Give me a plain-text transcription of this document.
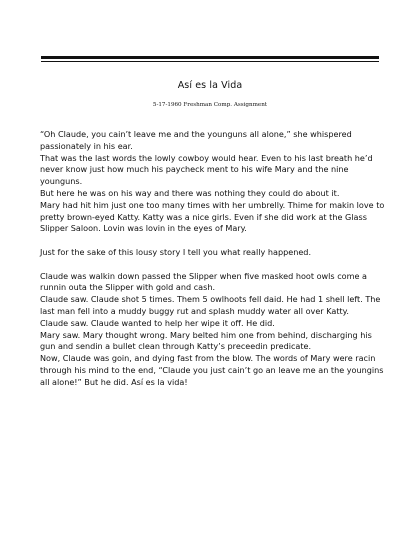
Así es la Vida
5-17-1960 Freshman Comp. Assignment

“Oh Claude, you cain’t leave me and the younguns all alone,” she whispered passionately in his ear.

That was the last words the lowly cowboy would hear. Even to his last breath he’d never know just how much his paycheck ment to his wife Mary and the nine younguns.

But here he was on his way and there was nothing they could do about it.

Mary had hit him just one too many times with her umbrelly. Thime for makin love to pretty brown-eyed Katty. Katty was a nice girls. Even if she did work at the Glass Slipper Saloon. Lovin was lovin in the eyes of Mary.

Just for the sake of this lousy story I tell you what really happened.

Claude was walkin down passed the Slipper when five masked hoot owls come a runnin outa the Slipper with gold and cash.

Claude saw. Claude shot 5 times. Them 5 owlhoots fell daid. He had 1 shell left. The last man fell into a muddy buggy rut and splash muddy water all over Katty.

Claude saw. Claude wanted to help her wipe it off. He did.

Mary saw. Mary thought wrong. Mary belted him one from behind, discharging his gun and sendin a bullet clean through Katty’s preceedin predicate.

Now, Claude was goin, and dying fast from the blow. The words of Mary were racin through his mind to the end, “Claude you just cain’t go an leave me an the youngins all alone!” But he did. Así es la vida!
